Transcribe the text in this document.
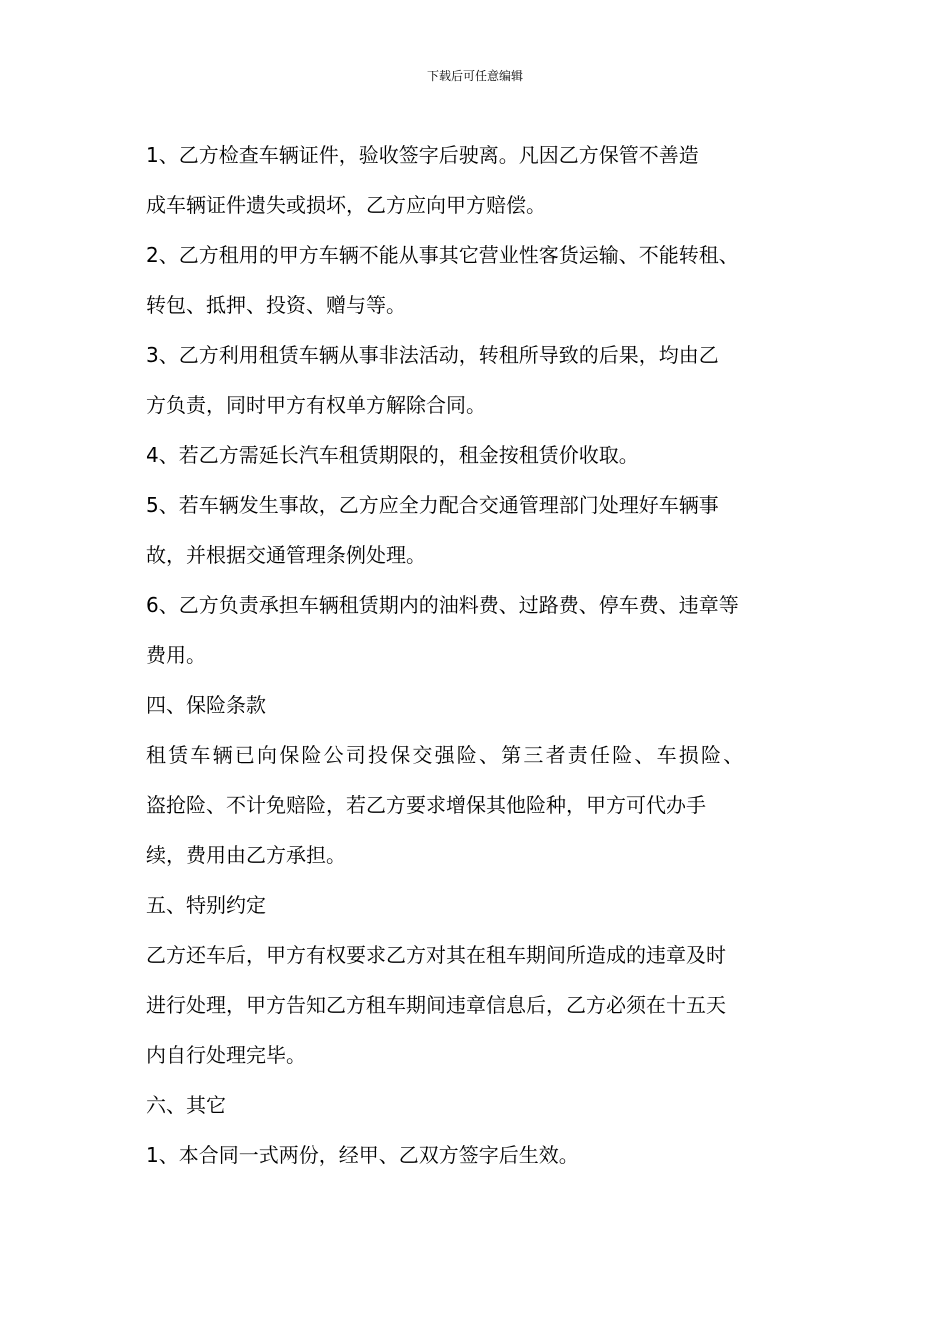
下载后可任意编辑
1、乙方检查车辆证件，验收签字后驶离。凡因乙方保管不善造
成车辆证件遗失或损坏，乙方应向甲方赔偿。
2、乙方租用的甲方车辆不能从事其它营业性客货运输、不能转租、
转包、抵押、投资、赠与等。
3、乙方利用租赁车辆从事非法活动，转租所导致的后果，均由乙
方负责，同时甲方有权单方解除合同。
4、若乙方需延长汽车租赁期限的，租金按租赁价收取。
5、若车辆发生事故，乙方应全力配合交通管理部门处理好车辆事
故，并根据交通管理条例处理。
6、乙方负责承担车辆租赁期内的油料费、过路费、停车费、违章等
费用。
四、保险条款
租赁车辆已向保险公司投保交强险、第三者责任险、车损险、
盗抢险、不计免赔险，若乙方要求增保其他险种，甲方可代办手
续，费用由乙方承担。
五、特别约定
乙方还车后，甲方有权要求乙方对其在租车期间所造成的违章及时
进行处理，甲方告知乙方租车期间违章信息后，乙方必须在十五天
内自行处理完毕。
六、其它
1、本合同一式两份，经甲、乙双方签字后生效。
